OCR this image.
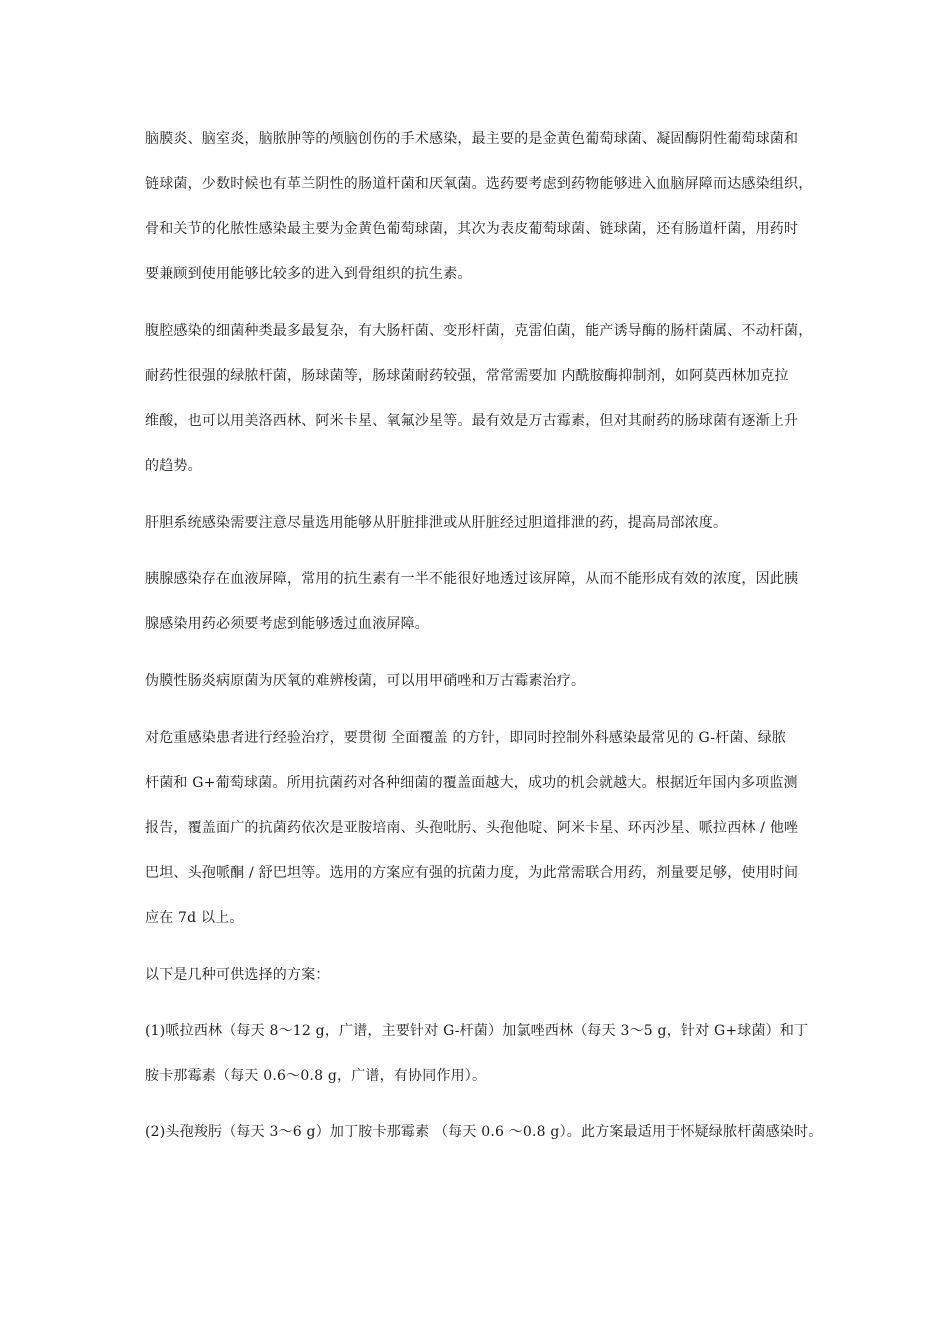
脑膜炎、脑室炎，脑脓肿等的颅脑创伤的手术感染，最主要的是金黄色葡萄球菌、凝固酶阴性葡萄球菌和
链球菌，少数时候也有革兰阴性的肠道杆菌和厌氧菌。选药要考虑到药物能够进入血脑屏障而达感染组织，
骨和关节的化脓性感染最主要为金黄色葡萄球菌，其次为表皮葡萄球菌、链球菌，还有肠道杆菌，用药时
要兼顾到使用能够比较多的进入到骨组织的抗生素。
腹腔感染的细菌种类最多最复杂，有大肠杆菌、变形杆菌，克雷伯菌，能产诱导酶的肠杆菌属、不动杆菌，
耐药性很强的绿脓杆菌，肠球菌等，肠球菌耐药较强，常常需要加 内酰胺酶抑制剂，如阿莫西林加克拉
维酸，也可以用美洛西林、阿米卡星、氧氟沙星等。最有效是万古霉素，但对其耐药的肠球菌有逐渐上升
的趋势。
肝胆系统感染需要注意尽量选用能够从肝脏排泄或从肝脏经过胆道排泄的药，提高局部浓度。
胰腺感染存在血液屏障，常用的抗生素有一半不能很好地透过该屏障，从而不能形成有效的浓度，因此胰
腺感染用药必须要考虑到能够透过血液屏障。
伪膜性肠炎病原菌为厌氧的难辨梭菌，可以用甲硝唑和万古霉素治疗。
对危重感染患者进行经验治疗，要贯彻 全面覆盖 的方针，即同时控制外科感染最常见的 G-杆菌、绿脓
杆菌和 G+葡萄球菌。所用抗菌药对各种细菌的覆盖面越大，成功的机会就越大。根据近年国内多项监测
报告，覆盖面广的抗菌药依次是亚胺培南、头孢吡肟、头孢他啶、阿米卡星、环丙沙星、哌拉西林 / 他唑
巴坦、头孢哌酮 / 舒巴坦等。选用的方案应有强的抗菌力度，为此常需联合用药，剂量要足够，使用时间
应在 7d 以上。
以下是几种可供选择的方案：
(1)哌拉西林（每天 8～12 g，广谱，主要针对 G-杆菌）加氯唑西林（每天 3～5 g，针对 G+球菌）和丁
胺卡那霉素（每天 0.6～0.8 g，广谱，有协同作用）。
(2)头孢羧肟（每天 3～6 g）加丁胺卡那霉素 （每天 0.6 ～0.8 g）。此方案最适用于怀疑绿脓杆菌感染时。
